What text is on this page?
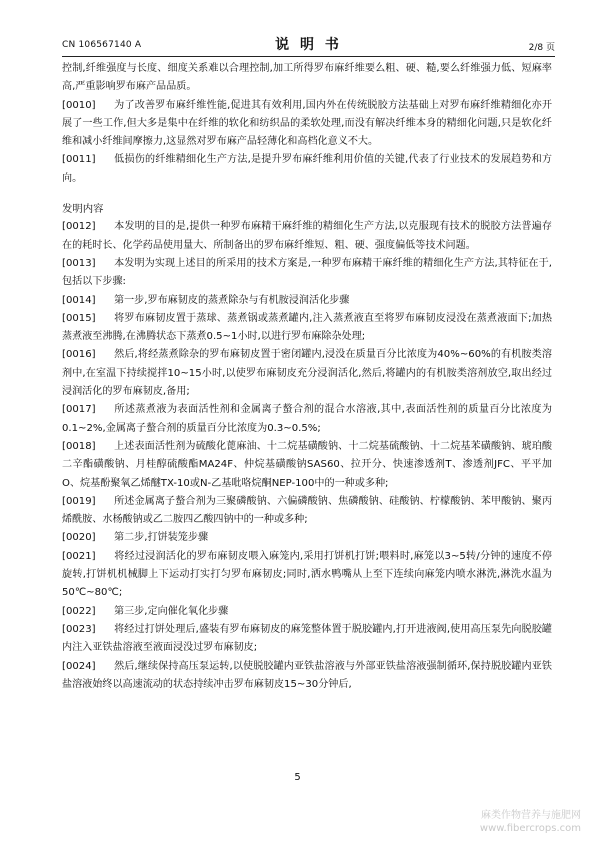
CN 106567140 A	说 明 书	2/8 页

控制,纤维强度与长度、细度关系难以合理控制,加工所得罗布麻纤维要么粗、硬、糙,要么纤维强力低、短麻率高,严重影响罗布麻产品品质。

[0010] 为了改善罗布麻纤维性能,促进其有效利用,国内外在传统脱胶方法基础上对罗布麻纤维精细化亦开展了一些工作,但大多是集中在纤维的软化和纺织品的柔软处理,而没有解决纤维本身的精细化问题,只是软化纤维和减小纤维间摩擦力,这显然对罗布麻产品轻薄化和高档化意义不大。

[0011] 低损伤的纤维精细化生产方法,是提升罗布麻纤维利用价值的关键,代表了行业技术的发展趋势和方向。

发明内容

[0012] 本发明的目的是,提供一种罗布麻精干麻纤维的精细化生产方法,以克服现有技术的脱胶方法普遍存在的耗时长、化学药品使用量大、所制备出的罗布麻纤维短、粗、硬、强度偏低等技术问题。

[0013] 本发明为实现上述目的所采用的技术方案是,一种罗布麻精干麻纤维的精细化生产方法,其特征在于,包括以下步骤:

[0014] 第一步,罗布麻韧皮的蒸煮除杂与有机胺浸润活化步骤

[0015] 将罗布麻韧皮置于蒸球、蒸煮锅或蒸煮罐内,注入蒸煮液直至将罗布麻韧皮浸没在蒸煮液面下;加热蒸煮液至沸腾,在沸腾状态下蒸煮0.5~1小时,以进行罗布麻除杂处理;

[0016] 然后,将经蒸煮除杂的罗布麻韧皮置于密闭罐内,浸没在质量百分比浓度为40%~60%的有机胺类溶剂中,在室温下持续搅拌10~15小时,以使罗布麻韧皮充分浸润活化,然后,将罐内的有机胺类溶剂放空,取出经过浸润活化的罗布麻韧皮,备用;

[0017] 所述蒸煮液为表面活性剂和金属离子螯合剂的混合水溶液,其中,表面活性剂的质量百分比浓度为0.1~2%,金属离子螯合剂的质量百分比浓度为0.3~0.5%;

[0018] 上述表面活性剂为硫酸化蓖麻油、十二烷基磺酸钠、十二烷基硫酸钠、十二烷基苯磺酸钠、琥珀酸二辛酯磺酸钠、月桂醇硫酸酯MA24F、仲烷基磺酸钠SAS60、拉开分、快速渗透剂T、渗透剂JFC、平平加O、烷基酚聚氧乙烯醚TX-10或N-乙基吡咯烷酮NEP-100中的一种或多种;

[0019] 所述金属离子螯合剂为三聚磷酸钠、六偏磷酸钠、焦磷酸钠、硅酸钠、柠檬酸钠、苯甲酸钠、聚丙烯酰胺、水杨酸钠或乙二胺四乙酸四钠中的一种或多种;

[0020] 第二步,打饼装笼步骤

[0021] 将经过浸润活化的罗布麻韧皮喂入麻笼内,采用打饼机打饼;喂料时,麻笼以3~5转/分钟的速度不停旋转,打饼机机械脚上下运动打实打匀罗布麻韧皮;同时,洒水鸭嘴从上至下连续向麻笼内喷水淋洗,淋洗水温为50℃~80℃;

[0022] 第三步,定向催化氧化步骤

[0023] 将经过打饼处理后,盛装有罗布麻韧皮的麻笼整体置于脱胶罐内,打开进液阀,使用高压泵先向脱胶罐内注入亚铁盐溶液至液面浸没过罗布麻韧皮;

[0024] 然后,继续保持高压泵运转,以使脱胶罐内亚铁盐溶液与外部亚铁盐溶液强制循环,保持脱胶罐内亚铁盐溶液始终以高速流动的状态持续冲击罗布麻韧皮15~30分钟后,

5
麻类作物营养与施肥网
www.fibercrops.com
